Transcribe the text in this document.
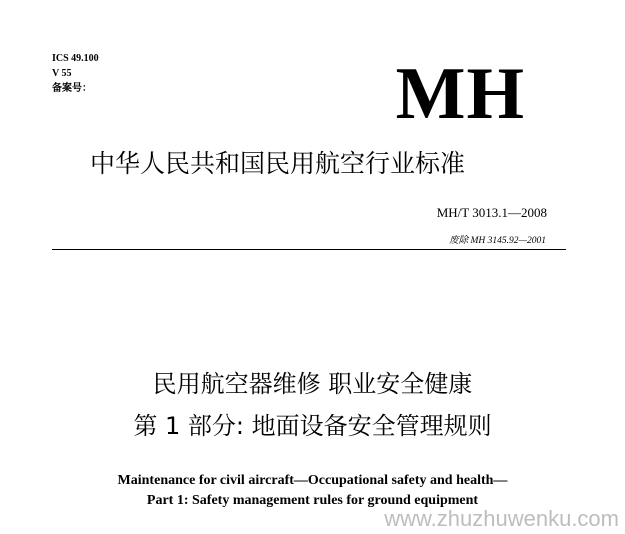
ICS 49.100
V 55
备案号：	MH
中华人民共和国民用航空行业标准
MH/T 3013.1—2008
废除 MH 3145.92—2001
民用航空器维修 职业安全健康
第 1 部分: 地面设备安全管理规则
Maintenance for civil aircraft—Occupational safety and health—
Part 1: Safety management rules for ground equipment
www.zhuzhuwenku.com
